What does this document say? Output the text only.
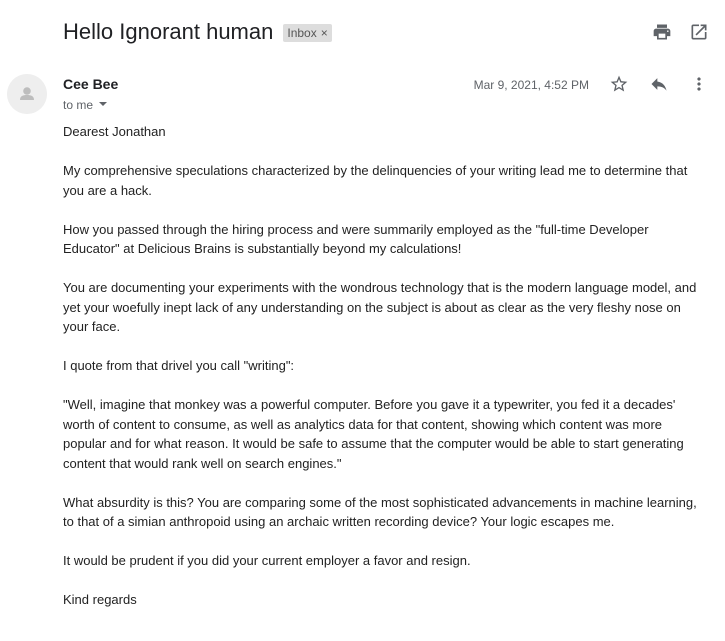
Hello Ignorant human Inbox ×
Cee Bee
to me
Mar 9, 2021, 4:52 PM

Dearest Jonathan

My comprehensive speculations characterized by the delinquencies of your writing lead me to determine that you are a hack.

How you passed through the hiring process and were summarily employed as the "full-time Developer Educator" at Delicious Brains is substantially beyond my calculations!

You are documenting your experiments with the wondrous technology that is the modern language model, and yet your woefully inept lack of any understanding on the subject is about as clear as the very fleshy nose on your face.

I quote from that drivel you call "writing":

"Well, imagine that monkey was a powerful computer. Before you gave it a typewriter, you fed it a decades' worth of content to consume, as well as analytics data for that content, showing which content was more popular and for what reason. It would be safe to assume that the computer would be able to start generating content that would rank well on search engines."

What absurdity is this? You are comparing some of the most sophisticated advancements in machine learning, to that of a simian anthropoid using an archaic written recording device? Your logic escapes me.

It would be prudent if you did your current employer a favor and resign.

Kind regards
